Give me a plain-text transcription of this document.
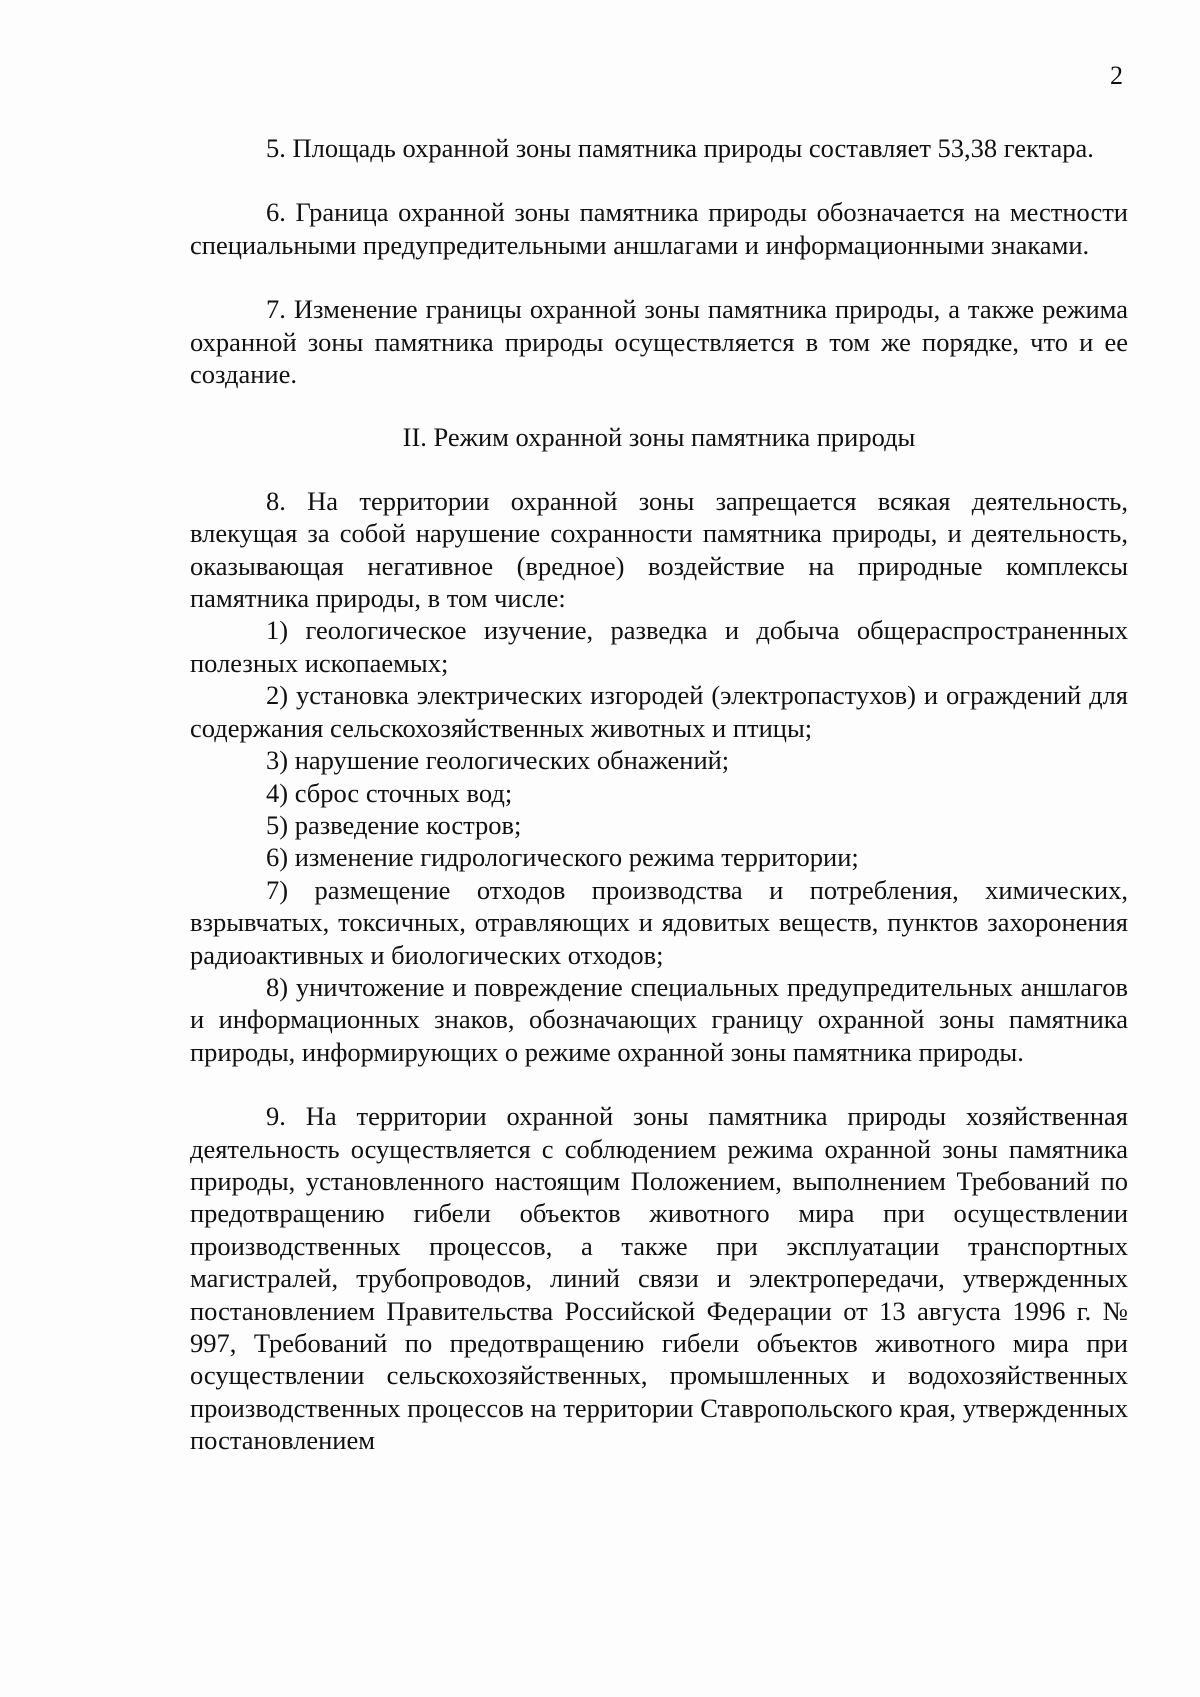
2

5. Площадь охранной зоны памятника природы составляет 53,38 гектара.

6. Граница охранной зоны памятника природы обозначается на местности специальными предупредительными аншлагами и информационными знаками.

7. Изменение границы охранной зоны памятника природы, а также режима охранной зоны памятника природы осуществляется в том же порядке, что и ее создание.

II. Режим охранной зоны памятника природы

8. На территории охранной зоны запрещается всякая деятельность, влекущая за собой нарушение сохранности памятника природы, и деятельность, оказывающая негативное (вредное) воздействие на природные комплексы памятника природы, в том числе:

1) геологическое изучение, разведка и добыча общераспространенных полезных ископаемых;

2) установка электрических изгородей (электропастухов) и ограждений для содержания сельскохозяйственных животных и птицы;

3) нарушение геологических обнажений;

4) сброс сточных вод;

5) разведение костров;

6) изменение гидрологического режима территории;

7) размещение отходов производства и потребления, химических, взрывчатых, токсичных, отравляющих и ядовитых веществ, пунктов захоронения радиоактивных и биологических отходов;

8) уничтожение и повреждение специальных предупредительных аншлагов и информационных знаков, обозначающих границу охранной зоны памятника природы, информирующих о режиме охранной зоны памятника природы.

9. На территории охранной зоны памятника природы хозяйственная деятельность осуществляется с соблюдением режима охранной зоны памятника природы, установленного настоящим Положением, выполнением Требований по предотвращению гибели объектов животного мира при осуществлении производственных процессов, а также при эксплуатации транспортных магистралей, трубопроводов, линий связи и электропередачи, утвержденных постановлением Правительства Российской Федерации от 13 августа 1996 г. № 997, Требований по предотвращению гибели объектов животного мира при осуществлении сельскохозяйственных, промышленных и водохозяйственных производственных процессов на территории Ставропольского края, утвержденных постановлением
